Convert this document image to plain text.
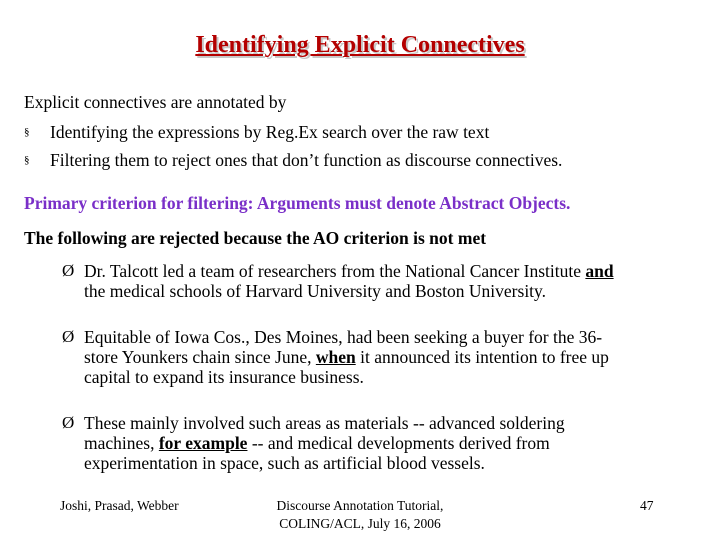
Identifying Explicit Connectives
Explicit connectives are annotated by
§ Identifying the expressions by Reg.Ex search over the raw text
§ Filtering them to reject ones that don’t function as discourse connectives.
Primary criterion for filtering: Arguments must denote Abstract Objects.
The following are rejected because the AO criterion is not met
Ø Dr. Talcott led a team of researchers from the National Cancer Institute and
the medical schools of Harvard University and Boston University.
Ø Equitable of Iowa Cos., Des Moines, had been seeking a buyer for the 36-
store Younkers chain since June, when it announced its intention to free up
capital to expand its insurance business.
Ø These mainly involved such areas as materials -- advanced soldering
machines, for example -- and medical developments derived from
experimentation in space, such as artificial blood vessels.
Joshi, Prasad, Webber	Discourse Annotation Tutorial,
COLING/ACL, July 16, 2006
47
